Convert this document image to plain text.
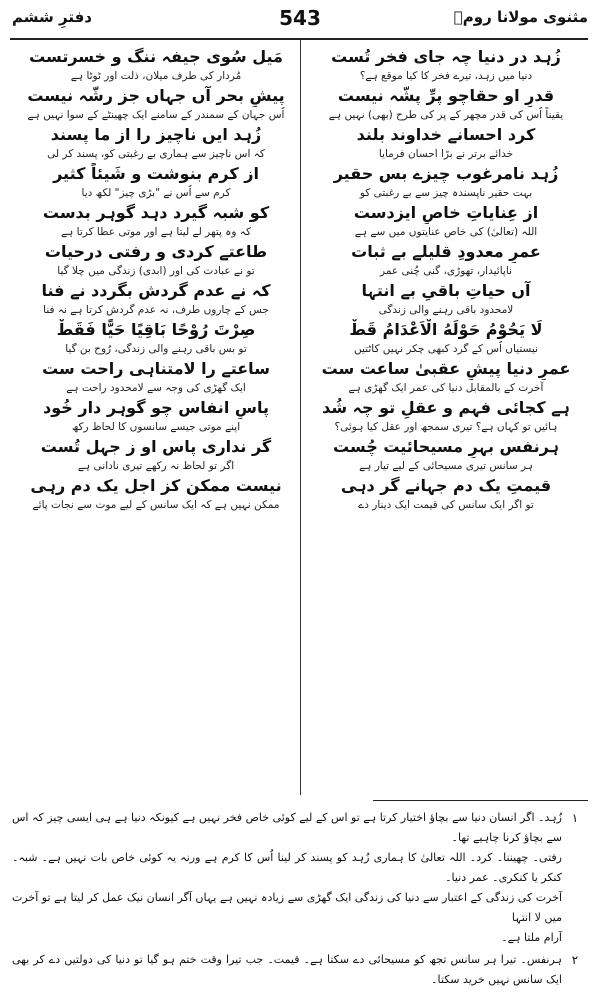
مثنوی مولانا رومؒ
543
دفترِ ششم

زُہد در دنیا چہ جای فخر تُست

دنیا میں زہد، تیرے فخر کا کیا موقع ہے؟

قدرِ او حقاچو پرِّ پشّہ نیست

یقیناً اُس کی قدر مچھر کے پر کی طرح (بھی) نہیں ہے

کرد احسانے خداوند بلند

خدائے برتر نے بڑا احسان فرمایا

زُہد نامرغوب چیزے بس حقیر

بہت حقیر ناپسندہ چیز سے بے رغبتی کو

از عِنایاتِ خاصِ ایزدست

اللہ (تعالیٰ) کی خاص عنایتوں میں سے ہے

عمرِ معدودِ قلیلے بے ثبات

ناپائیدار، تھوڑی، گنی چُنی عمر

آں حیاتِ باقیِ بے انتہا

لامحدود باقی رہنے والی زندگی

لَا یَحُوْمُ حَوْلَهُ الْاَعْدَامُ قَطْ

نیستیاں اُس کے گرد کبھی چکر نہیں کاٹتیں

عمرِ دنیا پیشِ عقبیٰ ساعت ست

آخرت کے بالمقابل دنیا کی عمر ایک گھڑی ہے

ہے کجائی فہم و عقلِ تو چہ شُد

ہائیں تو کہاں ہے؟ تیری سمجھ اور عقل کیا ہوئی؟

ہرنفس بہرِ مسیحائیت چُست

ہر سانس تیری مسیحائی کے لیے تیار ہے

قیمتِ یک دم جہانے گر دہی

تو اگر ایک سانس کی قیمت ایک دینار دے

مَیل سُوی جیفہ ننگ و خسرتست

مُردار کی طرف میلان، ذلت اور ٹوٹا ہے

پیشِ بحر آں جہاں جز رشّہ نیست

اُس جہان کے سمندر کے سامنے ایک چھینٹے کے سوا نہیں ہے

زُہد ایں ناچیز را از ما پسند

کہ اس ناچیز سے ہماری بے رغبتی کو، پسند کر لی

از کرم بنوشت و شَیئاً کثیر

کرم سے اُس نے "بڑی چیز" لکھ دیا

کو شبہ گیرد دہد گوہر بدست

کہ وہ پتھر لے لیتا ہے اور موتی عطا کرتا ہے

طاعتے کردی و رفتی درحیات

تو نے عبادت کی اور (ابدی) زندگی میں چلا گیا

کہ نے عدم گردش بگردد نے فنا

جس کے چاروں طرف، نہ عدم گردش کرتا ہے نہ فنا

صِرْتَ رُوْحًا بَاقِیًا حَیًّا فَقَطْ

تو بس باقی رہنے والی زندگی، رُوح بن گیا

ساعتے را لامتناہی راحت ست

ایک گھڑی کی وجہ سے لامحدود راحت ہے

پاسِ انفاس چو گوہر دار خُود

اپنے موتی جیسے سانسوں کا لحاظ رکھ

گر نداری پاس او ز جہل تُست

اگر تو لحاظ نہ رکھے تیری نادانی ہے

نیست ممکن کز اجل یک دم رہی

ممکن نہیں ہے کہ ایک سانس کے لیے موت سے نجات پائے

۱

زُہد۔ اگر انسان دنیا سے بچاؤ اختیار کرتا ہے تو اس کے لیے کوئی خاص فخر نہیں ہے کیونکہ دنیا ہے ہی ایسی چیز کہ اس سے بچاؤ کرنا چاہیے تھا۔

رفتی۔ چھیننا۔ کرد۔ اللہ تعالیٰ کا ہماری زُہد کو پسند کر لینا اُس کا کرم ہے ورنہ یہ کوئی خاص بات نہیں ہے۔ شبہ۔ کنکر یا کنکری۔ عمر دنیا۔

آخرت کی زندگی کے اعتبار سے دنیا کی زندگی ایک گھڑی سے زیادہ نہیں ہے یہاں آگر انسان نیک عمل کر لیتا ہے تو آخرت میں لا انتہا

آرام ملتا ہے۔

۲

ہرنفس۔ تیرا ہر سانس تجھ کو مسیحائی دے سکتا ہے۔ قیمت۔ جب تیرا وقت ختم ہو گیا تو دنیا کی دولتیں دے کر بھی ایک سانس نہیں خرید سکتا۔
